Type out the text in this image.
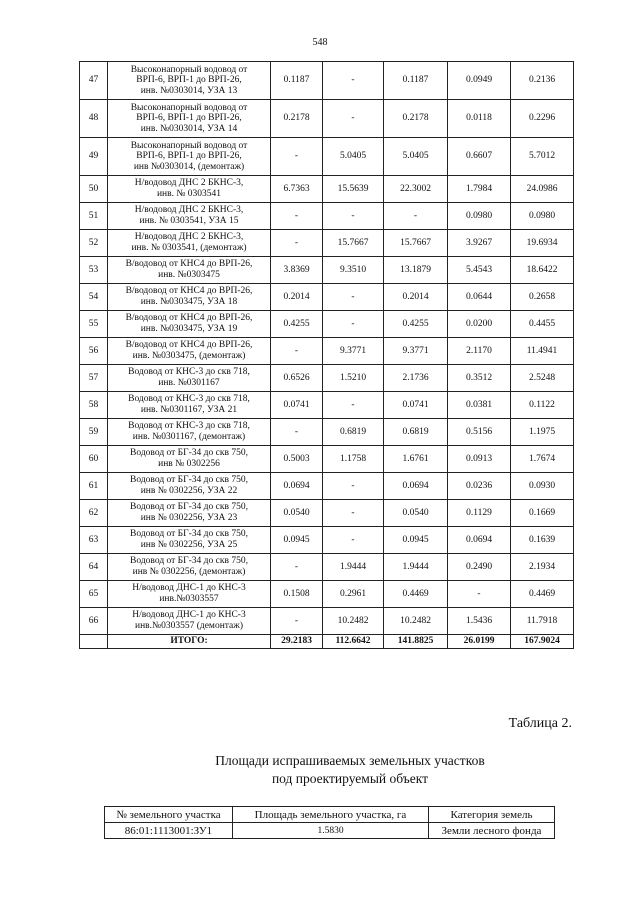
548
47	Высоконапорный водовод от
ВРП-6, ВРП-1 до ВРП-26,
инв. №0303014, УЗА 13	0.1187	-	0.1187	0.0949	0.2136
48	Высоконапорный водовод от
ВРП-6, ВРП-1 до ВРП-26,
инв. №0303014, УЗА 14	0.2178	-	0.2178	0.0118	0.2296
49	Высоконапорный водовод от
ВРП-6, ВРП-1 до ВРП-26,
инв №0303014, (демонтаж)	-	5.0405	5.0405	0.6607	5.7012
50	Н/водовод ДНС 2 БКНС-3,
инв. № 0303541	6.7363	15.5639	22.3002	1.7984	24.0986
51	Н/водовод ДНС 2 БКНС-3,
инв. № 0303541, УЗА 15	-	-	-	0.0980	0.0980
52	Н/водовод ДНС 2 БКНС-3,
инв. № 0303541, (демонтаж)	-	15.7667	15.7667	3.9267	19.6934
53	В/водовод от КНС4 до ВРП-26,
инв. №0303475	3.8369	9.3510	13.1879	5.4543	18.6422
54	В/водовод от КНС4 до ВРП-26,
инв. №0303475, УЗА 18	0.2014	-	0.2014	0.0644	0.2658
55	В/водовод от КНС4 до ВРП-26,
инв. №0303475, УЗА 19	0.4255	-	0.4255	0.0200	0.4455
56	В/водовод от КНС4 до ВРП-26,
инв. №0303475, (демонтаж)	-	9.3771	9.3771	2.1170	11.4941
57	Водовод от КНС-3 до скв 718,
инв. №0301167	0.6526	1.5210	2.1736	0.3512	2.5248
58	Водовод от КНС-3 до скв 718,
инв. №0301167, УЗА 21	0.0741	-	0.0741	0.0381	0.1122
59	Водовод от КНС-3 до скв 718,
инв. №0301167, (демонтаж)	-	0.6819	0.6819	0.5156	1.1975
60	Водовод от БГ-34 до скв 750,
инв № 0302256	0.5003	1.1758	1.6761	0.0913	1.7674
61	Водовод от БГ-34 до скв 750,
инв № 0302256, УЗА 22	0.0694	-	0.0694	0.0236	0.0930
62	Водовод от БГ-34 до скв 750,
инв № 0302256, УЗА 23	0.0540	-	0.0540	0.1129	0.1669
63	Водовод от БГ-34 до скв 750,
инв № 0302256, УЗА 25	0.0945	-	0.0945	0.0694	0.1639
64	Водовод от БГ-34 до скв 750,
инв № 0302256, (демонтаж)	-	1.9444	1.9444	0.2490	2.1934
65	Н/водовод ДНС-1 до КНС-3
инв.№0303557	0.1508	0.2961	0.4469	-	0.4469
66	Н/водовод ДНС-1 до КНС-3
инв.№0303557 (демонтаж)	-	10.2482	10.2482	1.5436	11.7918
	ИТОГО:	29.2183	112.6642	141.8825	26.0199	167.9024
Таблица 2.
Площади испрашиваемых земельных участков
под проектируемый объект
№ земельного участка	Площадь земельного участка, га	Категория земель
86:01:1113001:ЗУ1	1.5830	Земли лесного фонда
